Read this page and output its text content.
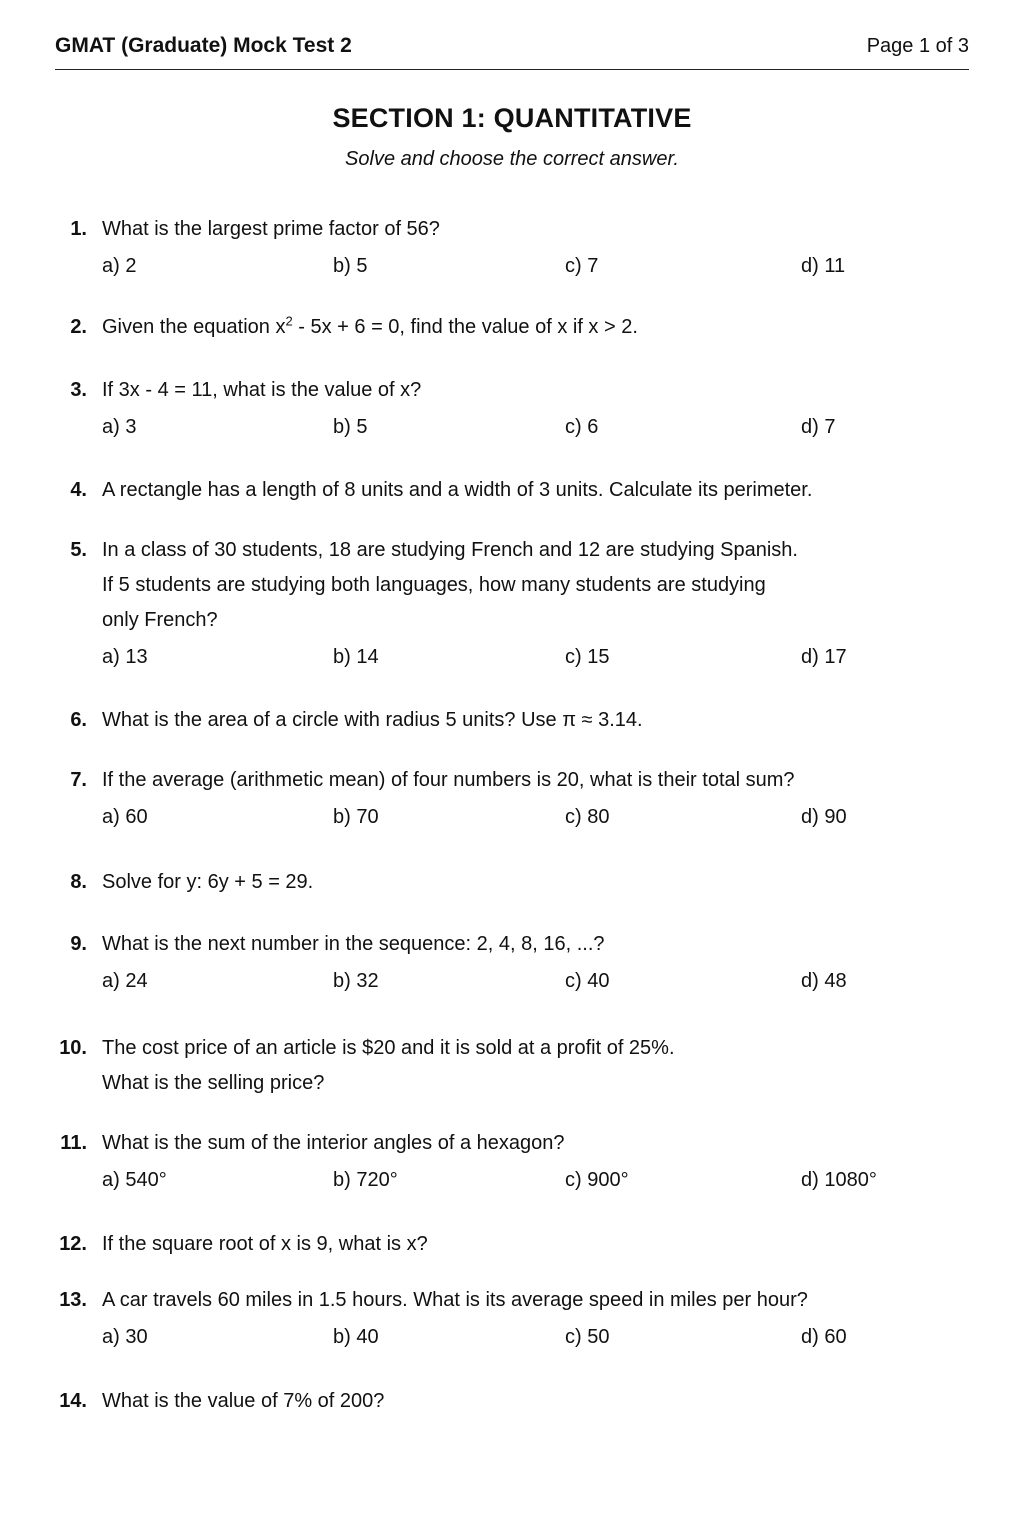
GMAT (Graduate) Mock Test 2	Page 1 of 3
SECTION 1: QUANTITATIVE
Solve and choose the correct answer.
1. What is the largest prime factor of 56?
a) 2	b) 5	c) 7	d) 11
2. Given the equation $x^2 - 5x + 6 = 0$, find the value of x if x > 2.
3. If 3x - 4 = 11, what is the value of x?
a) 3	b) 5	c) 6	d) 7
4. A rectangle has a length of 8 units and a width of 3 units. Calculate its perimeter.
5. In a class of 30 students, 18 are studying French and 12 are studying Spanish.
If 5 students are studying both languages, how many students are studying
only French?
a) 13	b) 14	c) 15	d) 17
6. What is the area of a circle with radius 5 units? Use π ≈ 3.14.
7. If the average (arithmetic mean) of four numbers is 20, what is their total sum?
a) 60	b) 70	c) 80	d) 90
8. Solve for y: 6y + 5 = 29.
9. What is the next number in the sequence: 2, 4, 8, 16, ...?
a) 24	b) 32	c) 40	d) 48
10. The cost price of an article is $20 and it is sold at a profit of 25%.
What is the selling price?
11. What is the sum of the interior angles of a hexagon?
a) 540°	b) 720°	c) 900°	d) 1080°
12. If the square root of x is 9, what is x?
13. A car travels 60 miles in 1.5 hours. What is its average speed in miles per hour?
a) 30	b) 40	c) 50	d) 60
14. What is the value of 7% of 200?
